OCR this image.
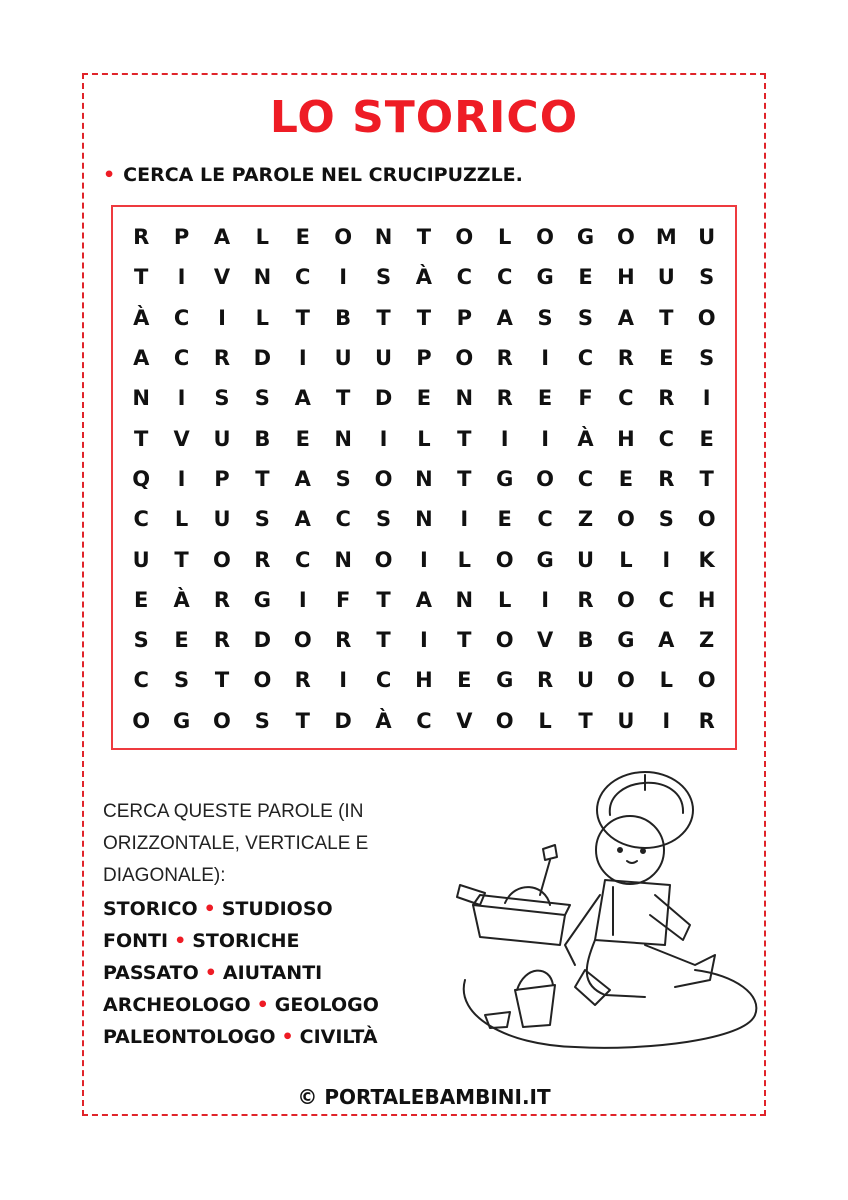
LO STORICO
• CERCA LE PAROLE NEL CRUCIPUZZLE.
R	P	A	L	E	O	N	T	O	L	O	G	O	M	U
T	I	V	N	C	I	S	À	C	C	G	E	H	U	S
À	C	I	L	T	B	T	T	P	A	S	S	A	T	O
A	C	R	D	I	U	U	P	O	R	I	C	R	E	S
N	I	S	S	A	T	D	E	N	R	E	F	C	R	I
T	V	U	B	E	N	I	L	T	I	I	À	H	C	E
Q	I	P	T	A	S	O	N	T	G	O	C	E	R	T
C	L	U	S	A	C	S	N	I	E	C	Z	O	S	O
U	T	O	R	C	N	O	I	L	O	G	U	L	I	K
E	À	R	G	I	F	T	A	N	L	I	R	O	C	H
S	E	R	D	O	R	T	I	T	O	V	B	G	A	Z
C	S	T	O	R	I	C	H	E	G	R	U	O	L	O
O	G	O	S	T	D	À	C	V	O	L	T	U	I	R
CERCA QUESTE PAROLE (IN ORIZZONTALE, VERTICALE E DIAGONALE):
STORICO • STUDIOSO
FONTI • STORICHE
PASSATO • AIUTANTI
ARCHEOLOGO • GEOLOGO
PALEONTOLOGO • CIVILTÀ
© PORTALEBAMBINI.IT
